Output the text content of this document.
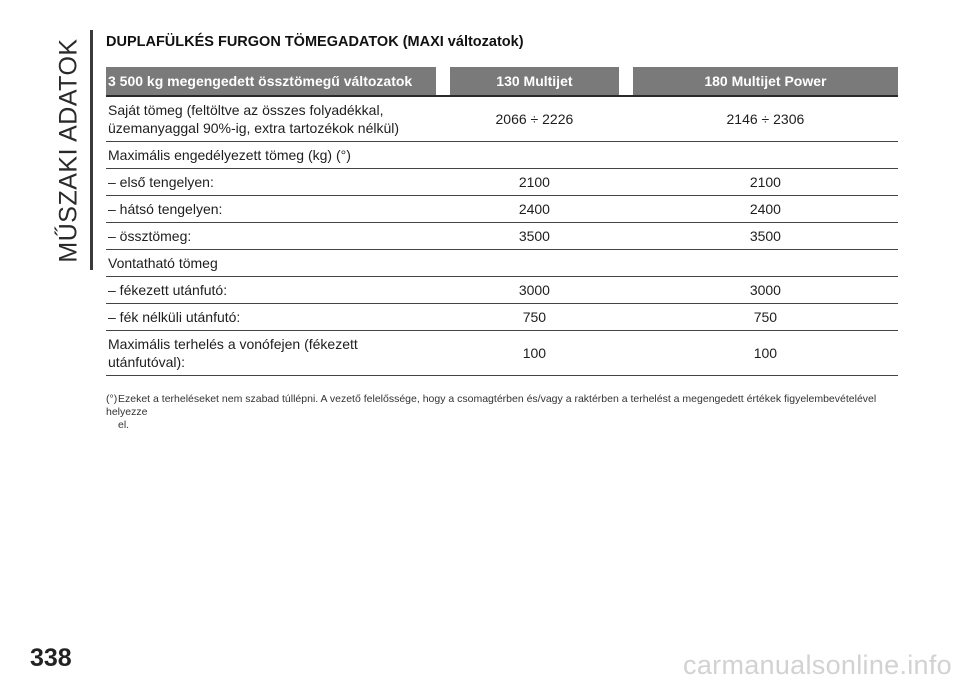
MŰSZAKI ADATOK DUPLAFÜLKÉS FURGON TÖMEGADATOK (MAXI változatok)
3 500 kg megengedett össztömegű változatok		130 Multijet		180 Multijet Power
Saját tömeg (feltöltve az összes folyadékkal,
üzemanyaggal 90%-ig, extra tartozékok nélkül)		2066 ÷ 2226		2146 ÷ 2306
Maximális engedélyezett tömeg (kg) (°)				
– első tengelyen:		2100		2100
– hátsó tengelyen:		2400		2400
– össztömeg:		3500		3500
Vontatható tömeg				
– fékezett utánfutó:		3000		3000
– fék nélküli utánfutó:		750		750
Maximális terhelés a vonófejen (fékezett
utánfutóval):		100		100
(°)Ezeket a terheléseket nem szabad túllépni. A vezető felelőssége, hogy a csomagtérben és/vagy a raktérben a terhelést a megengedett értékek figyelembevételével helyezze
el.
338	carmanualsonline.info
